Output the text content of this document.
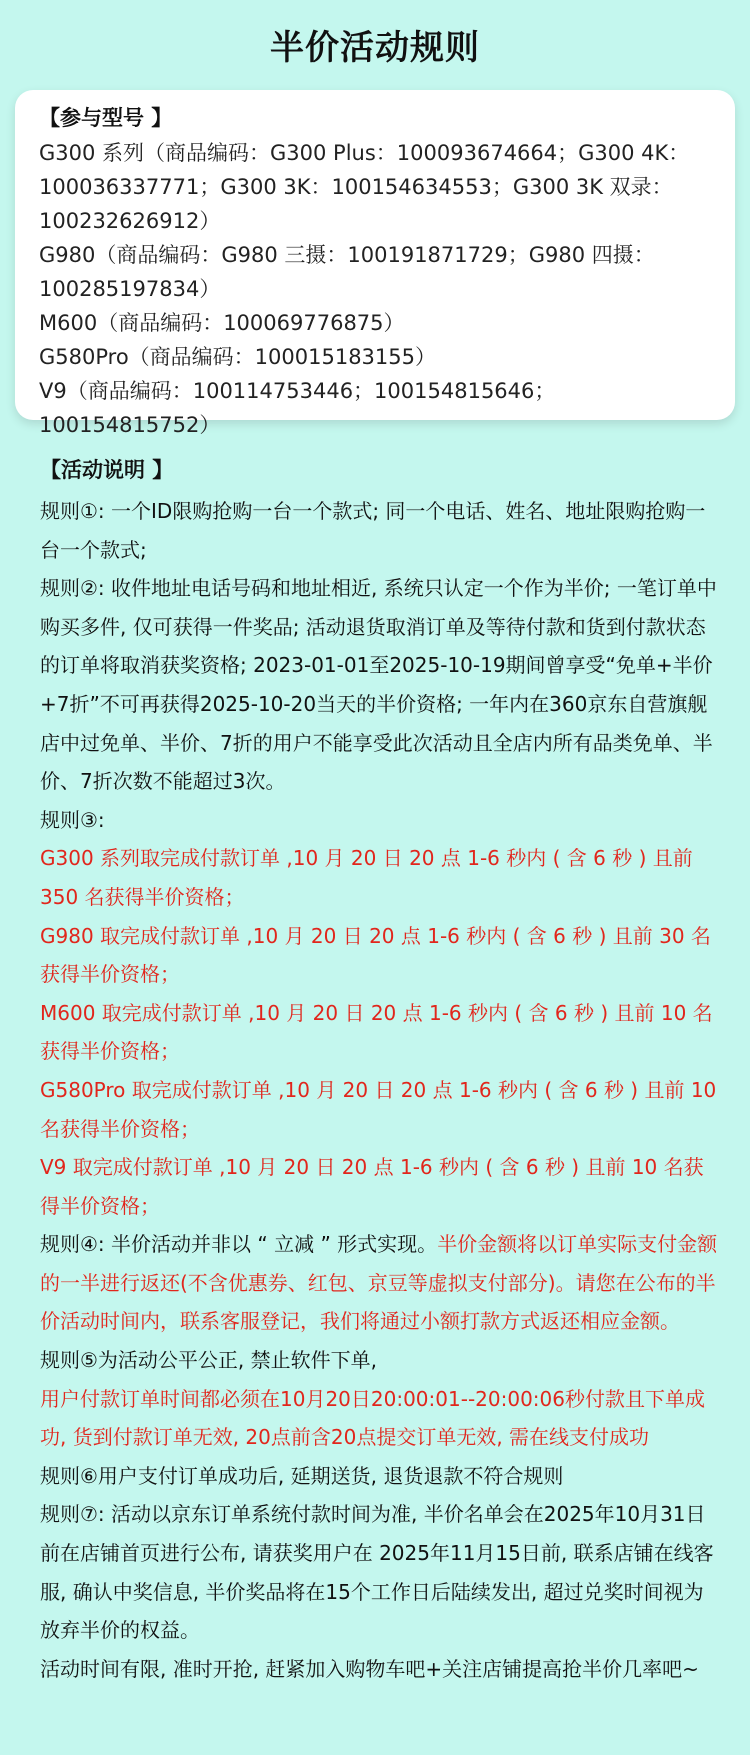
半价活动规则
【参与型号 】
G300 系列（商品编码：G300 Plus：100093674664；G300 4K：
100036337771；G300 3K：100154634553；G300 3K 双录：
100232626912）
G980（商品编码：G980 三摄：100191871729；G980 四摄：
100285197834）
M600（商品编码：100069776875）
G580Pro（商品编码：100015183155）
V9（商品编码：100114753446；100154815646；100154815752）
【活动说明 】

规则①: 一个ID限购抢购一台一个款式; 同一个电话、姓名、地址限购抢购一台一个款式;

规则②: 收件地址电话号码和地址相近, 系统只认定一个作为半价; 一笔订单中购买多件, 仅可获得一件奖品; 活动退货取消订单及等待付款和货到付款状态的订单将取消获奖资格; 2023-01-01至2025-10-19期间曾享受“免单+半价+7折”不可再获得2025-10-20当天的半价资格; 一年内在360京东自营旗舰店中过免单、半价、7折的用户不能享受此次活动且全店内所有品类免单、半价、7折次数不能超过3次。

规则③:

G300 系列取完成付款订单 ,10 月 20 日 20 点 1-6 秒内 ( 含 6 秒 ) 且前 350 名获得半价资格；

G980 取完成付款订单 ,10 月 20 日 20 点 1-6 秒内 ( 含 6 秒 ) 且前 30 名获得半价资格；

M600 取完成付款订单 ,10 月 20 日 20 点 1-6 秒内 ( 含 6 秒 ) 且前 10 名获得半价资格；

G580Pro 取完成付款订单 ,10 月 20 日 20 点 1-6 秒内 ( 含 6 秒 ) 且前 10 名获得半价资格；

V9 取完成付款订单 ,10 月 20 日 20 点 1-6 秒内 ( 含 6 秒 ) 且前 10 名获得半价资格；

规则④: 半价活动并非以 “ 立减 ” 形式实现。半价金额将以订单实际支付金额的一半进行返还(不含优惠券、红包、京豆等虚拟支付部分)。请您在公布的半价活动时间内，联系客服登记，我们将通过小额打款方式返还相应金额。

规则⑤为活动公平公正, 禁止软件下单,

用户付款订单时间都必须在10月20日20:00:01--20:00:06秒付款且下单成功, 货到付款订单无效, 20点前含20点提交订单无效, 需在线支付成功

规则⑥用户支付订单成功后, 延期送货, 退货退款不符合规则

规则⑦: 活动以京东订单系统付款时间为准, 半价名单会在2025年10月31日前在店铺首页进行公布, 请获奖用户在 2025年11月15日前, 联系店铺在线客服, 确认中奖信息, 半价奖品将在15个工作日后陆续发出, 超过兑奖时间视为放弃半价的权益。

活动时间有限, 准时开抢, 赶紧加入购物车吧+关注店铺提高抢半价几率吧~
